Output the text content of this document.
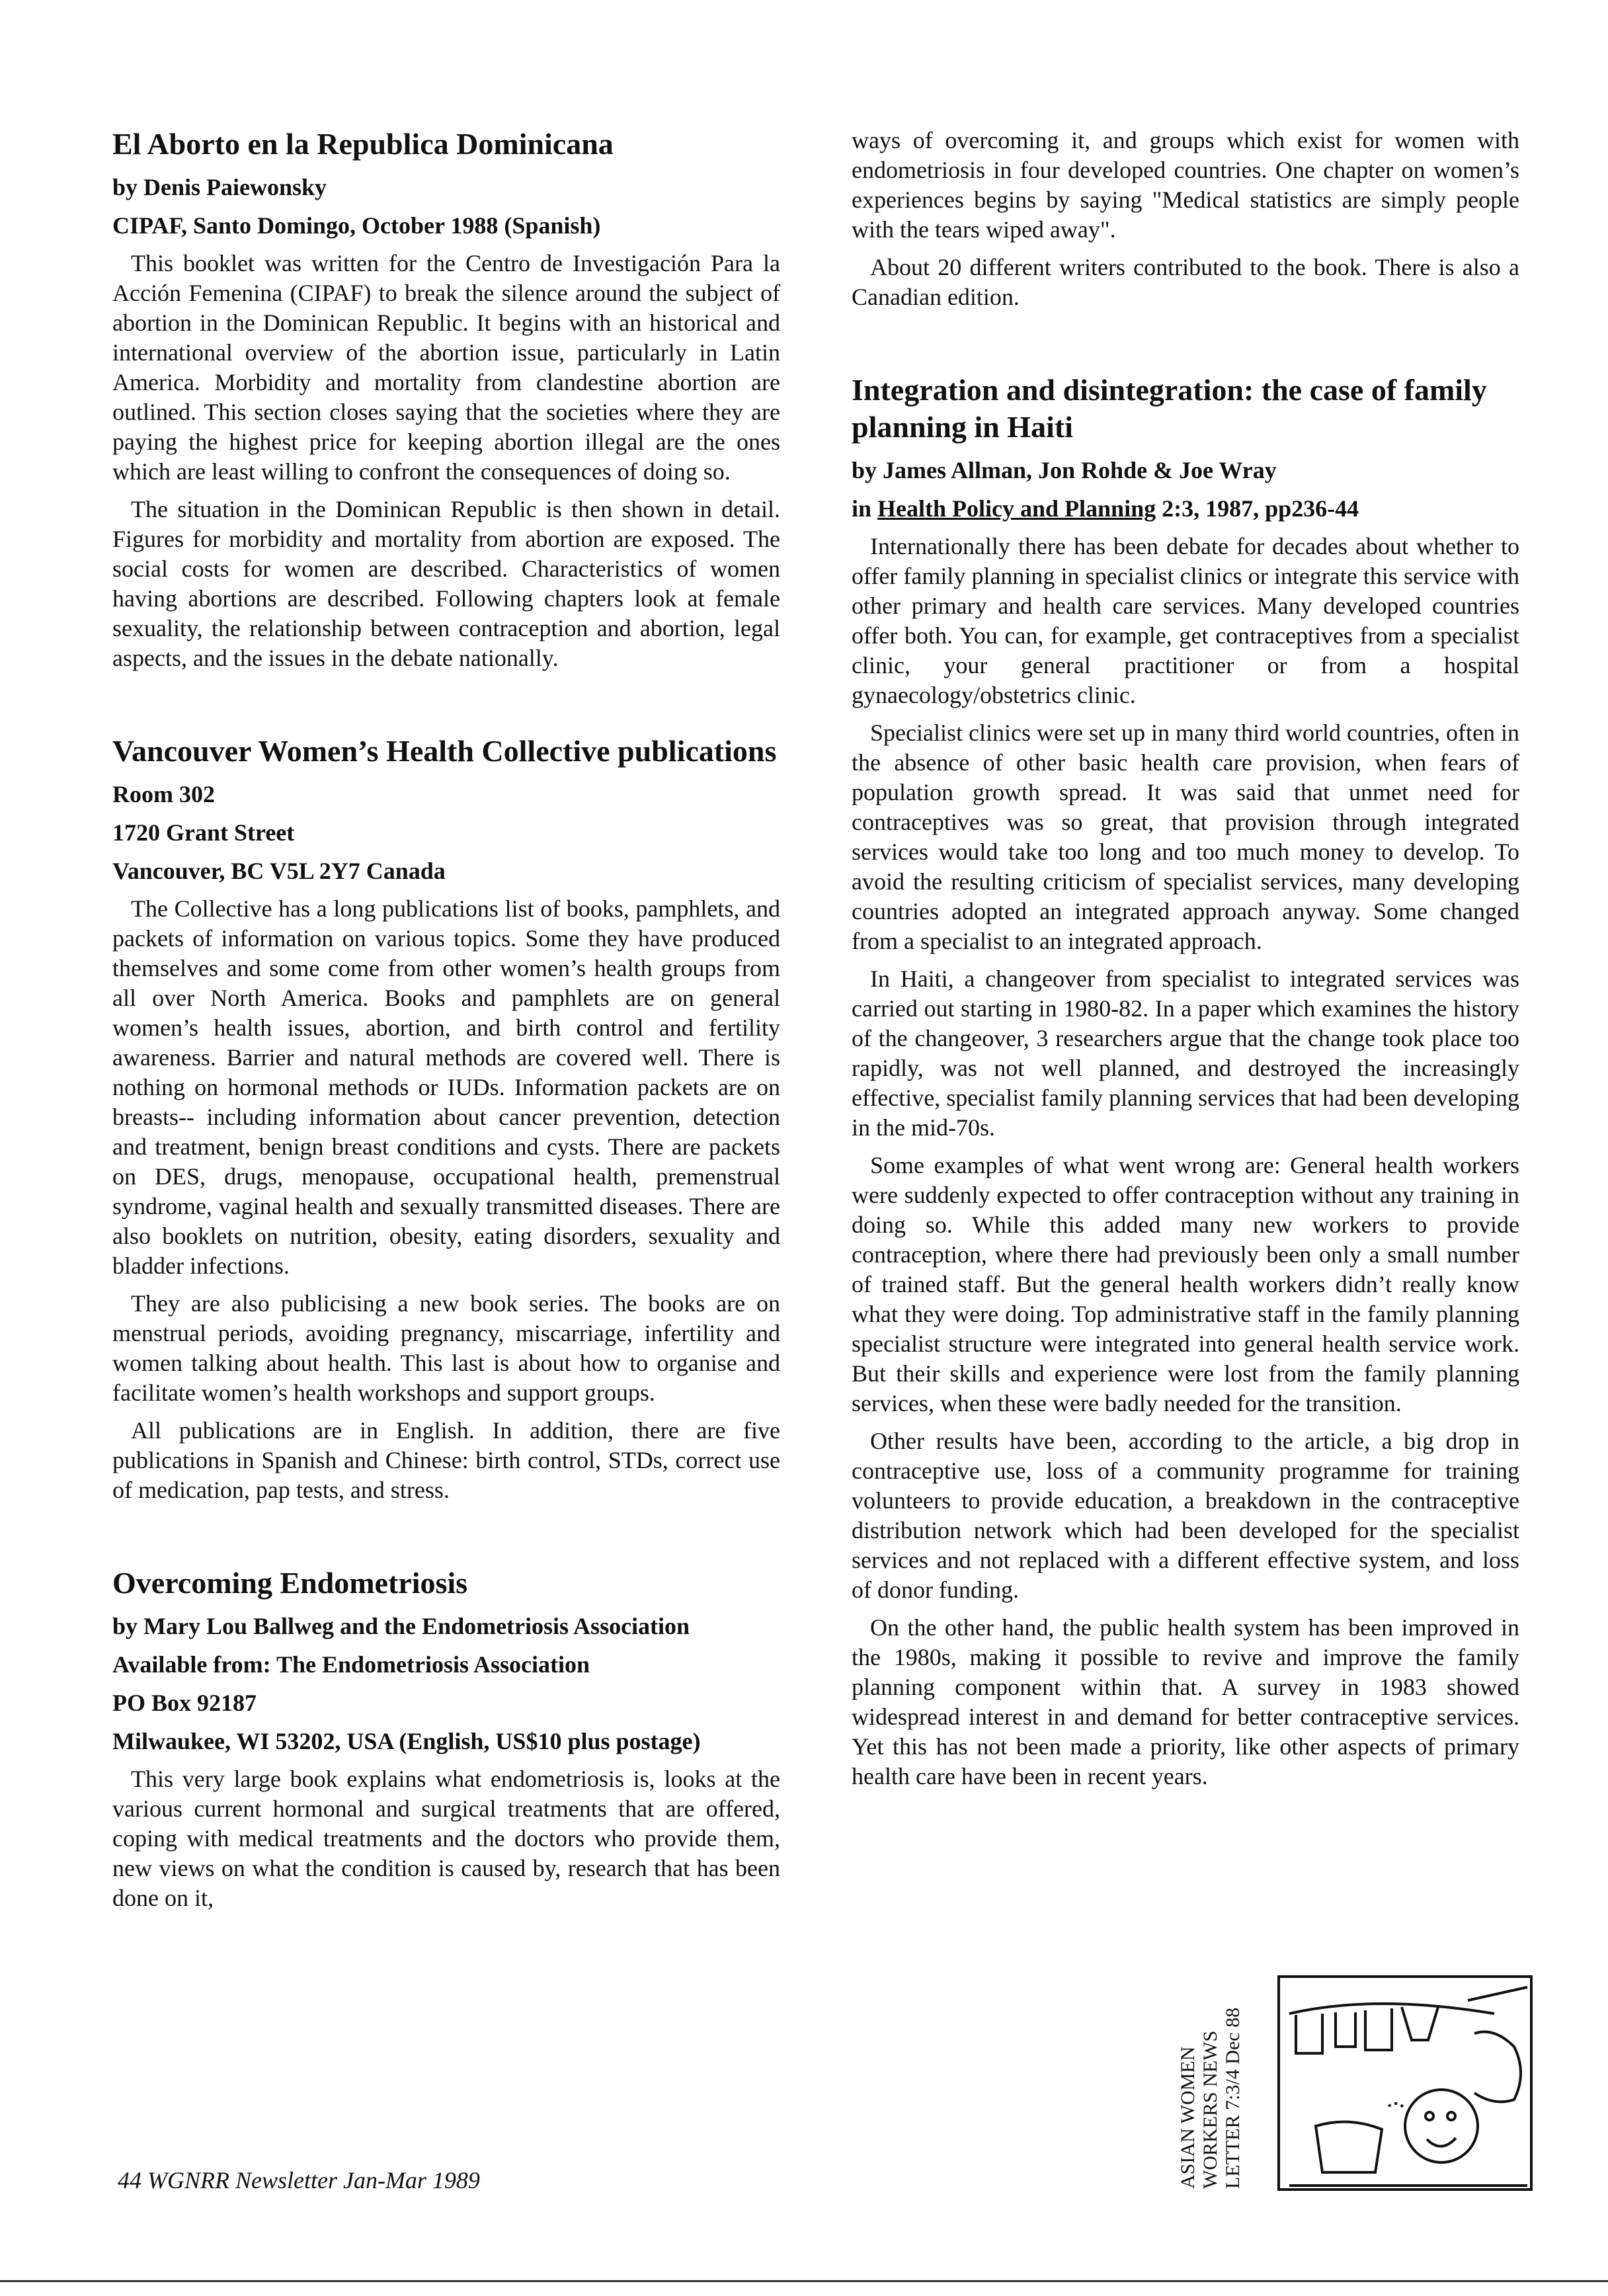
El Aborto en la Republica Dominicana
by Denis Paiewonsky
CIPAF, Santo Domingo, October 1988 (Spanish)

This booklet was written for the Centro de Investigación Para la Acción Femenina (CIPAF) to break the silence around the subject of abortion in the Dominican Republic. It begins with an historical and international overview of the abortion issue, particularly in Latin America. Morbidity and mortality from clandestine abortion are outlined. This section closes saying that the societies where they are paying the highest price for keeping abortion illegal are the ones which are least willing to confront the consequences of doing so.

The situation in the Dominican Republic is then shown in detail. Figures for morbidity and mortality from abortion are exposed. The social costs for women are described. Characteristics of women having abortions are described. Following chapters look at female sexuality, the relationship between contraception and abortion, legal aspects, and the issues in the debate nationally.

Vancouver Women’s Health Collective publications
Room 302
1720 Grant Street
Vancouver, BC V5L 2Y7 Canada

The Collective has a long publications list of books, pamphlets, and packets of information on various topics. Some they have produced themselves and some come from other women’s health groups from all over North America. Books and pamphlets are on general women’s health issues, abortion, and birth control and fertility awareness. Barrier and natural methods are covered well. There is nothing on hormonal methods or IUDs. Information packets are on breasts-- including information about cancer prevention, detection and treatment, benign breast conditions and cysts. There are packets on DES, drugs, menopause, occupational health, premenstrual syndrome, vaginal health and sexually transmitted diseases. There are also booklets on nutrition, obesity, eating disorders, sexuality and bladder infections.

They are also publicising a new book series. The books are on menstrual periods, avoiding pregnancy, miscarriage, infertility and women talking about health. This last is about how to organise and facilitate women’s health workshops and support groups.

All publications are in English. In addition, there are five publications in Spanish and Chinese: birth control, STDs, correct use of medication, pap tests, and stress.

Overcoming Endometriosis
by Mary Lou Ballweg and the Endometriosis Association
Available from: The Endometriosis Association
PO Box 92187
Milwaukee, WI 53202, USA (English, US$10 plus postage)

This very large book explains what endometriosis is, looks at the various current hormonal and surgical treatments that are offered, coping with medical treatments and the doctors who provide them, new views on what the condition is caused by, research that has been done on it,

ways of overcoming it, and groups which exist for women with endometriosis in four developed countries. One chapter on women’s experiences begins by saying "Medical statistics are simply people with the tears wiped away".

About 20 different writers contributed to the book. There is also a Canadian edition.

Integration and disintegration: the case of family planning in Haiti
by James Allman, Jon Rohde & Joe Wray
in Health Policy and Planning 2:3, 1987, pp236-44

Internationally there has been debate for decades about whether to offer family planning in specialist clinics or integrate this service with other primary and health care services. Many developed countries offer both. You can, for example, get contraceptives from a specialist clinic, your general practitioner or from a hospital gynaecology/obstetrics clinic.

Specialist clinics were set up in many third world countries, often in the absence of other basic health care provision, when fears of population growth spread. It was said that unmet need for contraceptives was so great, that provision through integrated services would take too long and too much money to develop. To avoid the resulting criticism of specialist services, many developing countries adopted an integrated approach anyway. Some changed from a specialist to an integrated approach.

In Haiti, a changeover from specialist to integrated services was carried out starting in 1980-82. In a paper which examines the history of the changeover, 3 researchers argue that the change took place too rapidly, was not well planned, and destroyed the increasingly effective, specialist family planning services that had been developing in the mid-70s.

Some examples of what went wrong are: General health workers were suddenly expected to offer contraception without any training in doing so. While this added many new workers to provide contraception, where there had previously been only a small number of trained staff. But the general health workers didn’t really know what they were doing. Top administrative staff in the family planning specialist structure were integrated into general health service work. But their skills and experience were lost from the family planning services, when these were badly needed for the transition.

Other results have been, according to the article, a big drop in contraceptive use, loss of a community programme for training volunteers to provide education, a breakdown in the contraceptive distribution network which had been developed for the specialist services and not replaced with a different effective system, and loss of donor funding.

On the other hand, the public health system has been improved in the 1980s, making it possible to revive and improve the family planning component within that. A survey in 1983 showed widespread interest in and demand for better contraceptive services. Yet this has not been made a priority, like other aspects of primary health care have been in recent years.

ASIAN WOMEN WORKERS NEWS LETTER 7:3/4 Dec 88
44 WGNRR Newsletter Jan-Mar 1989
